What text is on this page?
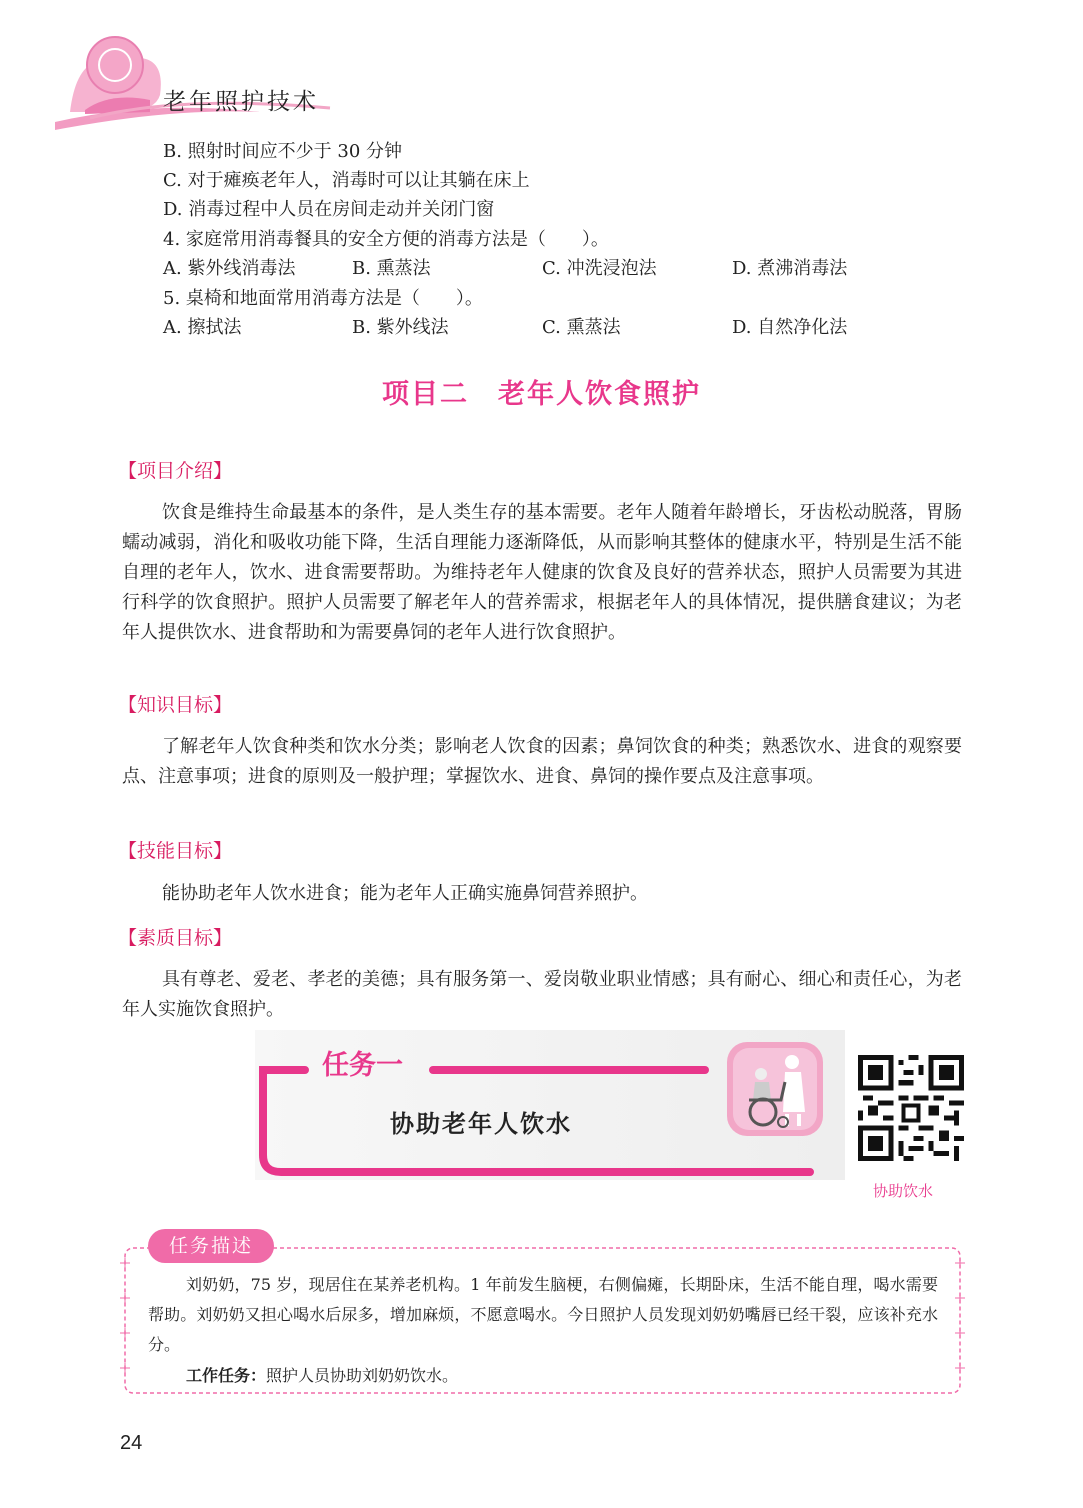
老年照护技术
B. 照射时间应不少于 30 分钟
C. 对于瘫痪老年人，消毒时可以让其躺在床上
D. 消毒过程中人员在房间走动并关闭门窗
4. 家庭常用消毒餐具的安全方便的消毒方法是（　　）。
A. 紫外线消毒法	B. 熏蒸法	C. 冲洗浸泡法	D. 煮沸消毒法
5. 桌椅和地面常用消毒方法是（　　）。
A. 擦拭法	B. 紫外线法	C. 熏蒸法	D. 自然净化法
项目二　老年人饮食照护
【项目介绍】
饮食是维持生命最基本的条件，是人类生存的基本需要。老年人随着年龄增长，牙齿松动脱落，胃肠蠕动减弱，消化和吸收功能下降，生活自理能力逐渐降低，从而影响其整体的健康水平，特别是生活不能自理的老年人，饮水、进食需要帮助。为维持老年人健康的饮食及良好的营养状态，照护人员需要为其进行科学的饮食照护。照护人员需要了解老年人的营养需求，根据老年人的具体情况，提供膳食建议；为老年人提供饮水、进食帮助和为需要鼻饲的老年人进行饮食照护。
【知识目标】
了解老年人饮食种类和饮水分类；影响老人饮食的因素；鼻饲饮食的种类；熟悉饮水、进食的观察要点、注意事项；进食的原则及一般护理；掌握饮水、进食、鼻饲的操作要点及注意事项。
【技能目标】
能协助老年人饮水进食；能为老年人正确实施鼻饲营养照护。
【素质目标】
具有尊老、爱老、孝老的美德；具有服务第一、爱岗敬业职业情感；具有耐心、细心和责任心，为老年人实施饮食照护。
任务一
协助老年人饮水
协助饮水
任务描述
刘奶奶，75 岁，现居住在某养老机构。1 年前发生脑梗，右侧偏瘫，长期卧床，生活不能自理，喝水需要帮助。刘奶奶又担心喝水后尿多，增加麻烦，不愿意喝水。今日照护人员发现刘奶奶嘴唇已经干裂，应该补充水分。
工作任务：照护人员协助刘奶奶饮水。
24
